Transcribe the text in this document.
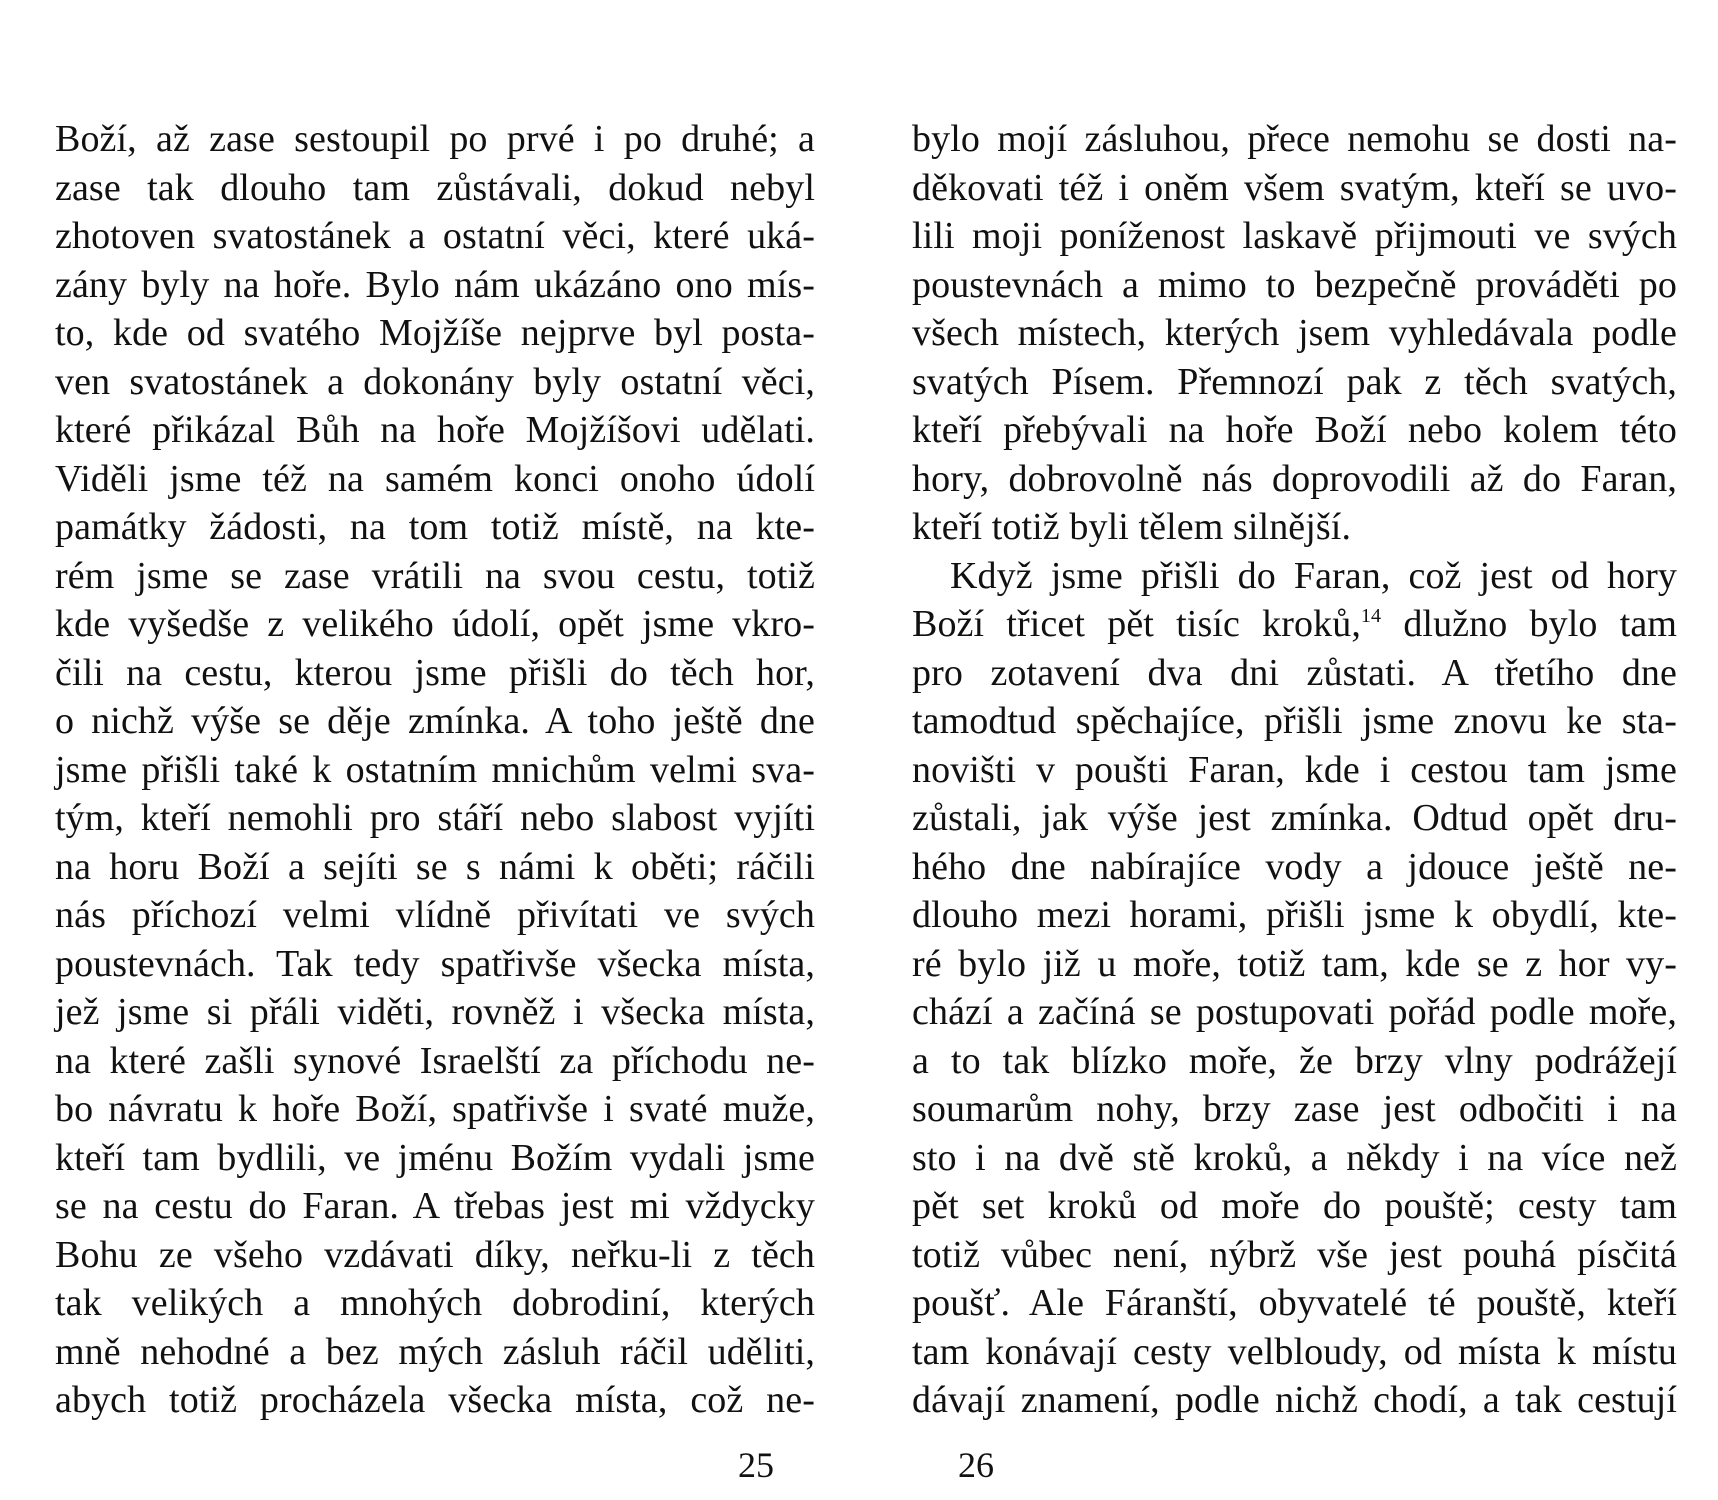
Boží, až zase sestoupil po prvé i po druhé; a
zase tak dlouho tam zůstávali, dokud nebyl
zhotoven svatostánek a ostatní věci, které uká-
zány byly na hoře. Bylo nám ukázáno ono mís-
to, kde od svatého Mojžíše nejprve byl posta-
ven svatostánek a dokonány byly ostatní věci,
které přikázal Bůh na hoře Mojžíšovi udělati.
Viděli jsme též na samém konci onoho údolí
památky žádosti, na tom totiž místě, na kte-
rém jsme se zase vrátili na svou cestu, totiž
kde vyšedše z velikého údolí, opět jsme vkro-
čili na cestu, kterou jsme přišli do těch hor,
o nichž výše se děje zmínka. A toho ještě dne
jsme přišli také k ostatním mnichům velmi sva-
tým, kteří nemohli pro stáří nebo slabost vyjíti
na horu Boží a sejíti se s námi k oběti; ráčili
nás příchozí velmi vlídně přivítati ve svých
poustevnách. Tak tedy spatřivše všecka místa,
jež jsme si přáli viděti, rovněž i všecka místa,
na které zašli synové Israelští za příchodu ne-
bo návratu k hoře Boží, spatřivše i svaté muže,
kteří tam bydlili, ve jménu Božím vydali jsme
se na cestu do Faran. A třebas jest mi vždycky
Bohu ze všeho vzdávati díky, neřku-li z těch
tak velikých a mnohých dobrodiní, kterých
mně nehodné a bez mých zásluh ráčil uděliti,
abych totiž procházela všecka místa, což ne-
25
bylo mojí zásluhou, přece nemohu se dosti na-
děkovati též i oněm všem svatým, kteří se uvo-
lili moji poníženost laskavě přijmouti ve svých
poustevnách a mimo to bezpečně prováděti po
všech místech, kterých jsem vyhledávala podle
svatých Písem. Přemnozí pak z těch svatých,
kteří přebývali na hoře Boží nebo kolem této
hory, dobrovolně nás doprovodili až do Faran,
kteří totiž byli tělem silnější.
Když jsme přišli do Faran, což jest od hory
Boží třicet pět tisíc kroků,$^{14}$ dlužno bylo tam
pro zotavení dva dni zůstati. A třetího dne
tamodtud spěchajíce, přišli jsme znovu ke sta-
novišti v poušti Faran, kde i cestou tam jsme
zůstali, jak výše jest zmínka. Odtud opět dru-
hého dne nabírajíce vody a jdouce ještě ne-
dlouho mezi horami, přišli jsme k obydlí, kte-
ré bylo již u moře, totiž tam, kde se z hor vy-
chází a začíná se postupovati pořád podle moře,
a to tak blízko moře, že brzy vlny podrážejí
soumarům nohy, brzy zase jest odbočiti i na
sto i na dvě stě kroků, a někdy i na více než
pět set kroků od moře do pouště; cesty tam
totiž vůbec není, nýbrž vše jest pouhá písčitá
poušť. Ale Fáranští, obyvatelé té pouště, kteří
tam konávají cesty velbloudy, od místa k místu
dávají znamení, podle nichž chodí, a tak cestují
26
